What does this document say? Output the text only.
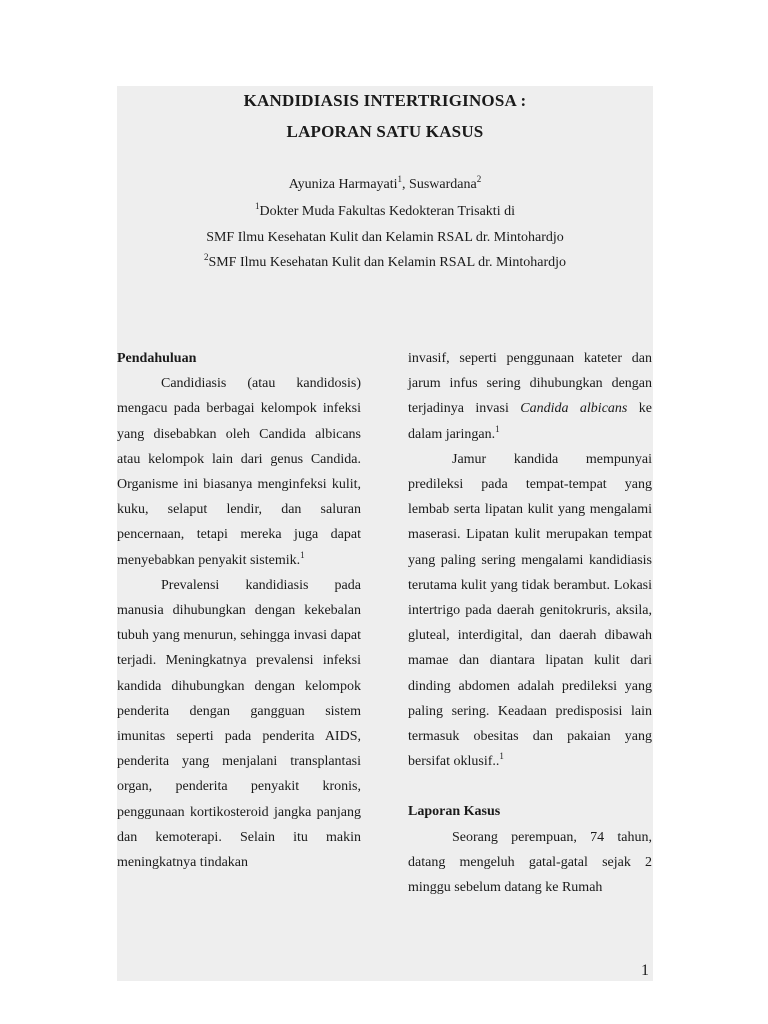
KANDIDIASIS INTERTRIGINOSA :
LAPORAN SATU KASUS

Ayuniza Harmayati$^1$, Suswardana$^2$

$^1$Dokter Muda Fakultas Kedokteran Trisakti di

SMF Ilmu Kesehatan Kulit dan Kelamin RSAL dr. Mintohardjo

$^2$SMF Ilmu Kesehatan Kulit dan Kelamin RSAL dr. Mintohardjo

Pendahuluan

Candidiasis (atau kandidosis) mengacu pada berbagai kelompok infeksi yang disebabkan oleh Candida albicans atau kelompok lain dari genus Candida. Organisme ini biasanya menginfeksi kulit, kuku, selaput lendir, dan saluran pencernaan, tetapi mereka juga dapat menyebabkan penyakit sistemik.$^1$

Prevalensi kandidiasis pada manusia dihubungkan dengan kekebalan tubuh yang menurun, sehingga invasi dapat terjadi. Meningkatnya prevalensi infeksi kandida dihubungkan dengan kelompok penderita dengan gangguan sistem imunitas seperti pada penderita AIDS, penderita yang menjalani transplantasi organ, penderita penyakit kronis, penggunaan kortikosteroid jangka panjang dan kemoterapi. Selain itu makin meningkatnya tindakan

invasif, seperti penggunaan kateter dan jarum infus sering dihubungkan dengan terjadinya invasi Candida albicans ke dalam jaringan.$^1$

Jamur kandida mempunyai predileksi pada tempat-tempat yang lembab serta lipatan kulit yang mengalami maserasi. Lipatan kulit merupakan tempat yang paling sering mengalami kandidiasis terutama kulit yang tidak berambut. Lokasi intertrigo pada daerah genitokruris, aksila, gluteal, interdigital, dan daerah dibawah mamae dan diantara lipatan kulit dari dinding abdomen adalah predileksi yang paling sering. Keadaan predisposisi lain termasuk obesitas dan pakaian yang bersifat oklusif..$^1$

Laporan Kasus

Seorang perempuan, 74 tahun, datang mengeluh gatal-gatal sejak 2 minggu sebelum datang ke Rumah

1
